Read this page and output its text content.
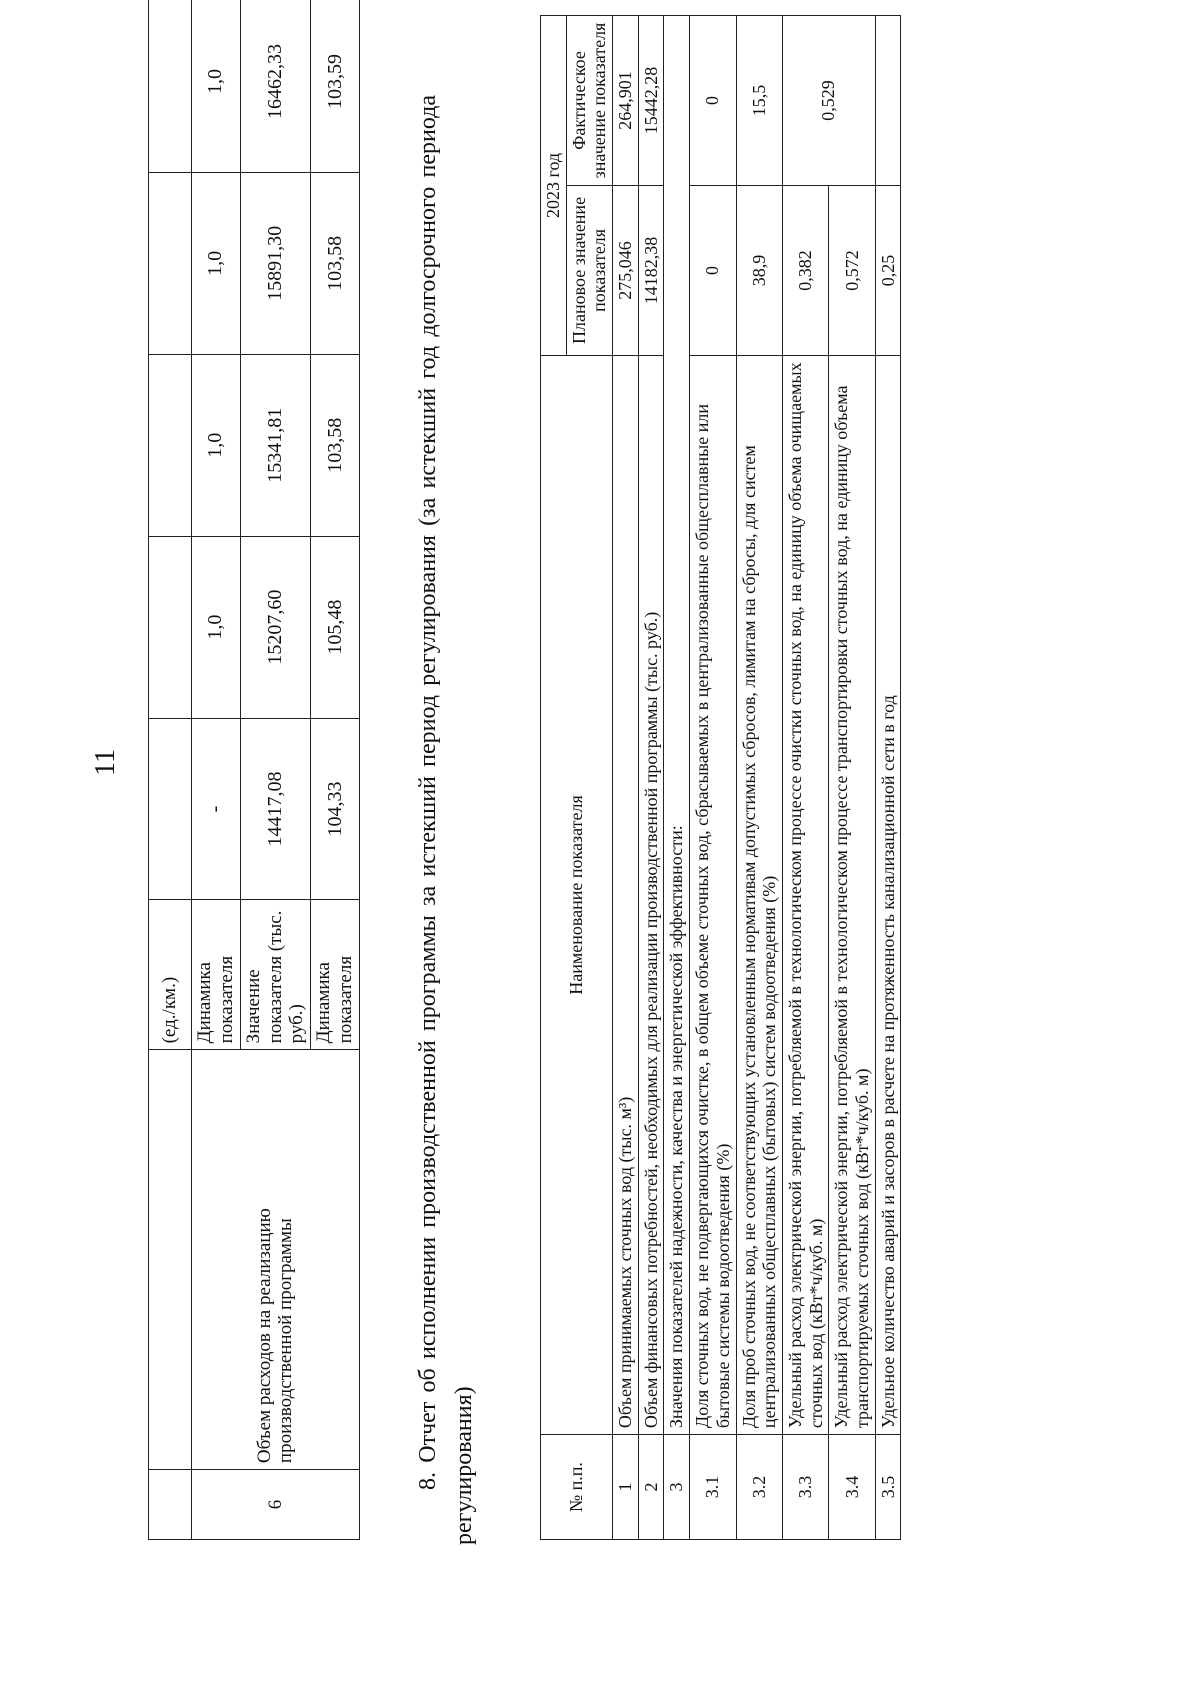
11
		(ед./км.)					
6	Объем расходов на реализацию производственной программы	Динамика показателя	-	1,0	1,0	1,0	1,0
		Значение показателя (тыс. руб.)	14417,08	15207,60	15341,81	15891,30	16462,33
		Динамика показателя	104,33	105,48	103,58	103,58	103,59
8. Отчет об исполнении производственной программы за истекший период регулирования (за истекший год долгосрочного периода регулирования)	№ п.п.	Наименование показателя	2023 год	
		Плановое значение показателя	Фактическое значение показателя
1	Объем принимаемых сточных вод (тыс. м³)	275,046	264,901
2	Объем финансовых потребностей, необходимых для реализации производственной программы (тыс. руб.)	14182,38	15442,28
3	Значения показателей надежности, качества и энергетической эффективности:		
3.1	Доля сточных вод, не подвергающихся очистке, в общем объеме сточных вод, сбрасываемых в централизованные общесплавные или бытовые системы водоотведения (%)	0	0
3.2	Доля проб сточных вод, не соответствующих установленным нормативам допустимых сбросов, лимитам на сбросы, для систем централизованных общесплавных (бытовых) систем водоотведения (%)	38,9	15,5
3.3	Удельный расход электрической энергии, потребляемой в технологическом процессе очистки сточных вод, на единицу объема очищаемых сточных вод (кВт*ч/куб. м)	0,382	0,529
3.4	Удельный расход электрической энергии, потребляемой в технологическом процессе транспортировки сточных вод, на единицу объема транспортируемых сточных вод (кВт*ч/куб. м)	0,572	
3.5	Удельное количество аварий и засоров в расчете на протяженность канализационной сети в год	0,25	
